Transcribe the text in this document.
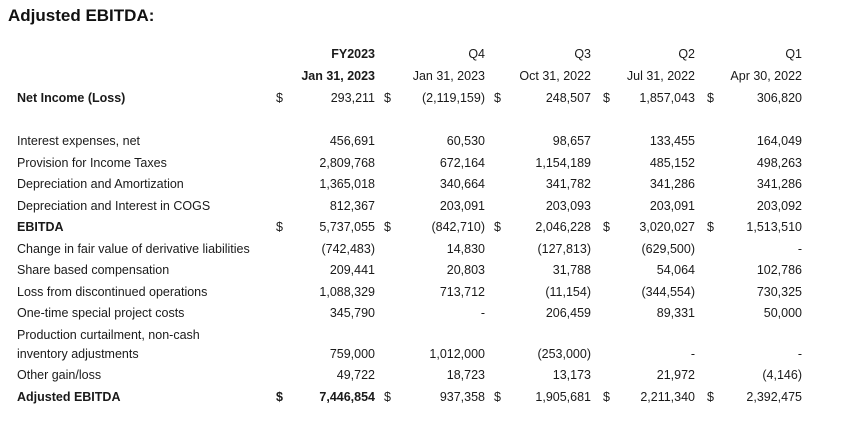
Adjusted EBITDA:
FY2023	Q4	Q3	Q2	Q1
Jan 31, 2023	Jan 31, 2023	Oct 31, 2022	Jul 31, 2022	Apr 30, 2022
Net Income (Loss)	$	293,211 $ (2,119,159) $	248,507 $ 1,857,043 $	306,820
Interest expenses, net	456,691	60,530	98,657	133,455	164,049
Provision for Income Taxes	2,809,768	672,164	1,154,189	485,152	498,263
Depreciation and Amortization	1,365,018	340,664	341,782	341,286	341,286
Depreciation and Interest in COGS	812,367	203,091	203,093	203,091	203,092
EBITDA	$	5,737,055 $	(842,710) $	2,046,228 $ 3,020,027 $	1,513,510
Change in fair value of derivative liabilities	(742,483)	14,830	(127,813)	(629,500)	-
Share based compensation	209,441	20,803	31,788	54,064	102,786
Loss from discontinued operations	1,088,329	713,712	(11,154)	(344,554)	730,325
One-time special project costs	345,790	-	206,459	89,331	50,000
Production curtailment, non-cash
inventory adjustments	759,000	1,012,000	(253,000)	-	-
Other gain/loss	49,722	18,723	13,173	21,972	(4,146)
Adjusted EBITDA	$	7,446,854 $	937,358 $	1,905,681 $ 2,211,340 $	2,392,475
